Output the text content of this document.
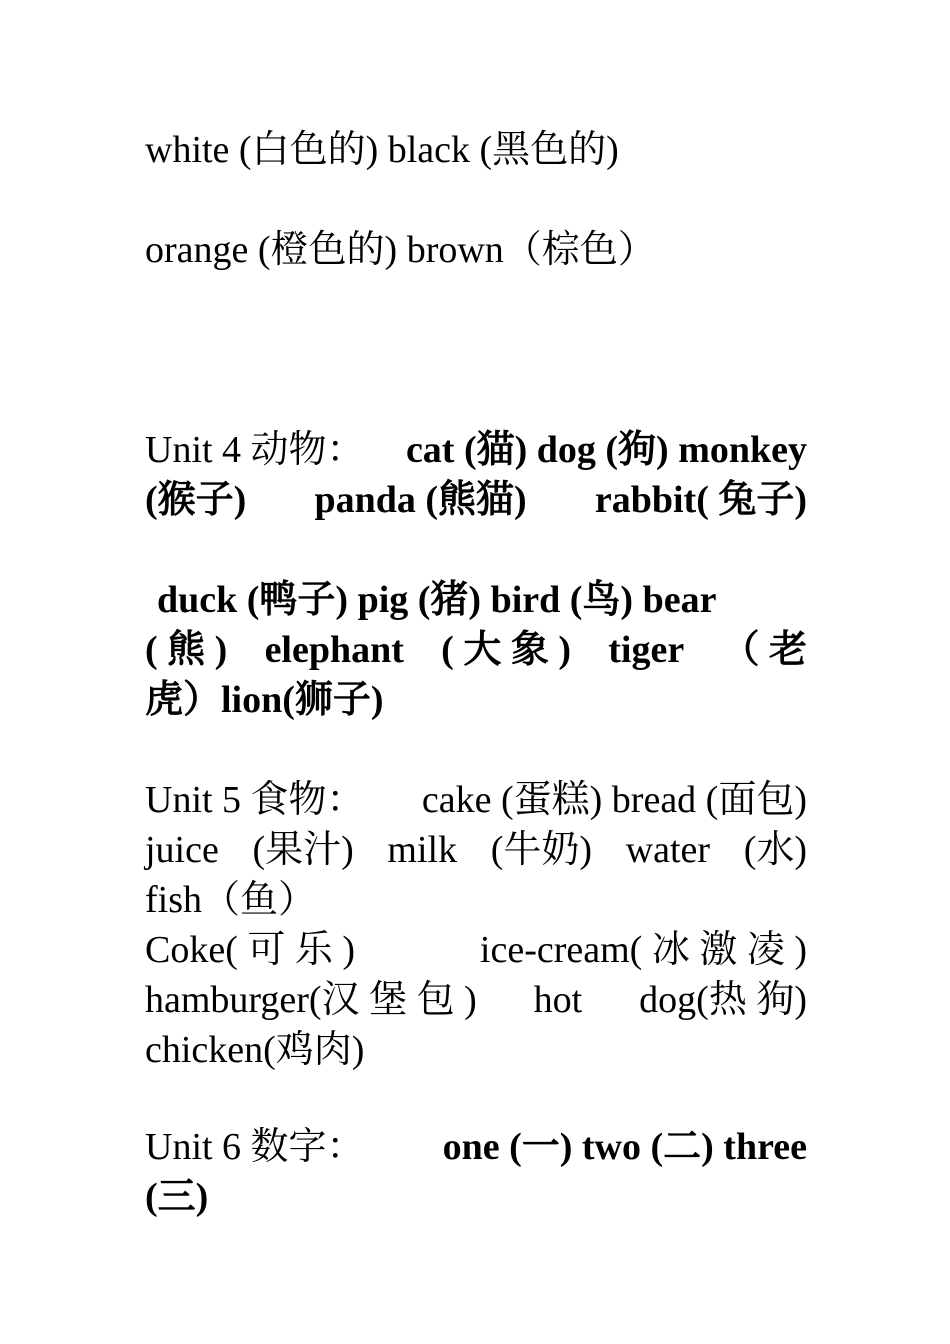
white (白色的) black (黑色的)
orange (橙色的) brown（棕色）
Unit 4 动物： cat (猫) dog (狗) monkey
(猴子) panda (熊猫) rabbit( 兔子)
duck (鸭子) pig (猪) bird (鸟) bear
( 熊 ) elephant ( 大 象 ) tiger （ 老
虎）lion(狮子)
Unit 5 食物： cake (蛋糕) bread (面包)
juice (果汁) milk (牛奶) water (水)
fish（鱼）
Coke( 可 乐 )	ice-cream( 冰 激 凌 )
hamburger(汉 堡 包 ) hot dog(热 狗)
chicken(鸡肉)
Unit 6 数字： one (一) two (二) three
(三)
